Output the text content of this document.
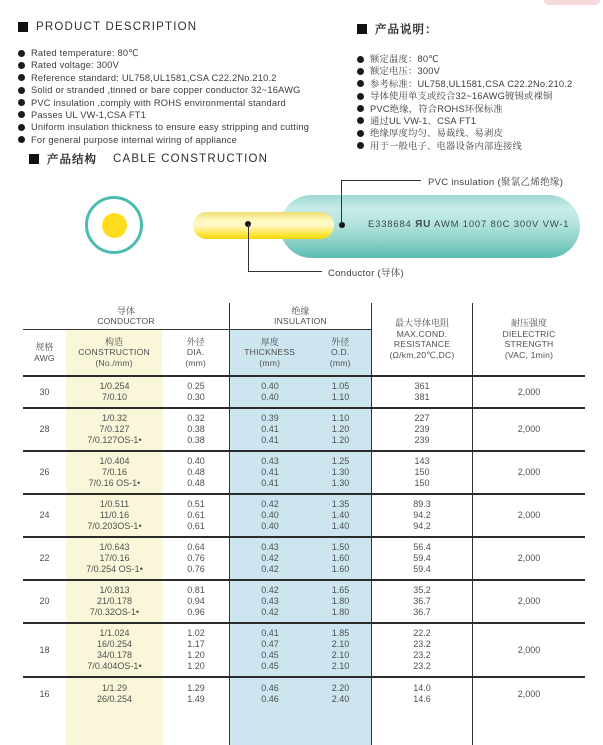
PRODUCT DESCRIPTION
Rated temperature: 80℃
Rated voltage: 300V
Reference standard: UL758,UL1581,CSA C22.2No.210.2
Solid or stranded ,tinned or bare copper conductor 32~16AWG
PVC insulation ,comply with ROHS environmental standard
Passes UL VW-1,CSA FT1
Uniform insulation thickness to ensure easy stripping and cutting
For general purpose internal wiring of appliance
产品说明：
额定温度：80℃
额定电压：300V
参考标准：UL758,UL1581,CSA C22.2No.210.2
导体使用单支或绞合32~16AWG镀锡或裸铜
PVC绝缘，符合ROHS环保标准
通过UL VW-1、CSA FT1
绝缘厚度均匀、易裁线、易剥皮
用于一般电子、电器设备内部连接线
产品结构 CABLE CONSTRUCTION
E338684 ЯU AWM 1007 80C 300V VW-1
PVC insulation (聚氯乙烯绝缘)
Conductor (导体)
导体
CONDUCTOR
规格
AWG
构造
CONSTRUCTION
(No./mm)
外径
DIA.
(mm)
绝缘
INSULATION
厚度
THICKNESS
(mm)
外径
O.D.
(mm)
最大导体电阻
MAX.COND.
RESISTANCE
(Ω/km,20℃,DC)
耐压强度
DIELECTRIC
STRENGTH
(VAC, 1min)
30
1/0.254
7/0.10
0.25
0.30
0.40
0.40
1.05
1.10
361
381
2,000
28
1/0.32
7/0.127
7/0.127OS-1•
0.32
0.38
0.38
0.39
0.41
0.41
1.10
1.20
1.20
227
239
239
2,000
26
1/0.404
7/0.16
7/0.16 OS-1•
0.40
0.48
0.48
0.43
0.41
0.41
1.25
1.30
1.30
143
150
150
2,000
24
1/0.511
11/0.16
7/0.203OS-1•
0.51
0.61
0.61
0.42
0.40
0.40
1.35
1.40
1.40
89.3
94.2
94.2
2,000
22
1/0.643
17/0.16
7/0.254 OS-1•
0.64
0.76
0.76
0.43
0.42
0.42
1.50
1.60
1.60
56.4
59.4
59.4
2,000
20
1/0.813
21/0.178
7/0.32OS-1•
0.81
0.94
0.96
0.42
0.43
0.42
1.65
1.80
1.80
35.2
36.7
36.7
2,000
18
1/1.024
16/0.254
34/0.178
7/0.404OS-1•
1.02
1.17
1.20
1.20
0.41
0.47
0.45
0.45
1.85
2.10
2.10
2.10
22.2
23.2
23.2
23.2
2,000
16
1/1.29
26/0.254
1.29
1.49
0.46
0.46
2.20
2.40
14.0
14.6
2,000
